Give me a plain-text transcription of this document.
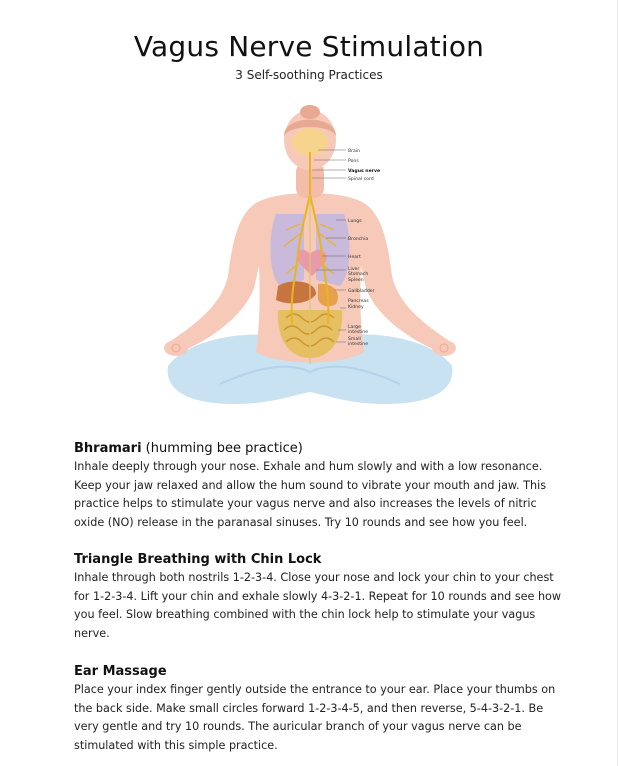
Vagus Nerve Stimulation
3 Self-soothing Practices
Brain
Pons
Vagus nerve
Spinal cord
Lungs
Bronchia
Heart
Liver
Stomach
Spleen
Gallbladder
Pancreas
Kidney
Large
intestine
Small
intestine
Bhramari (humming bee practice)

Inhale deeply through your nose. Exhale and hum slowly and with a low resonance. Keep your jaw relaxed and allow the hum sound to vibrate your mouth and jaw. This practice helps to stimulate your vagus nerve and also increases the levels of nitric oxide (NO) release in the paranasal sinuses. Try 10 rounds and see how you feel.

Triangle Breathing with Chin Lock

Inhale through both nostrils 1-2-3-4. Close your nose and lock your chin to your chest for 1-2-3-4. Lift your chin and exhale slowly 4-3-2-1. Repeat for 10 rounds and see how you feel. Slow breathing combined with the chin lock help to stimulate your vagus nerve.

Ear Massage

Place your index finger gently outside the entrance to your ear. Place your thumbs on the back side. Make small circles forward 1-2-3-4-5, and then reverse, 5-4-3-2-1. Be very gentle and try 10 rounds. The auricular branch of your vagus nerve can be stimulated with this simple practice.
